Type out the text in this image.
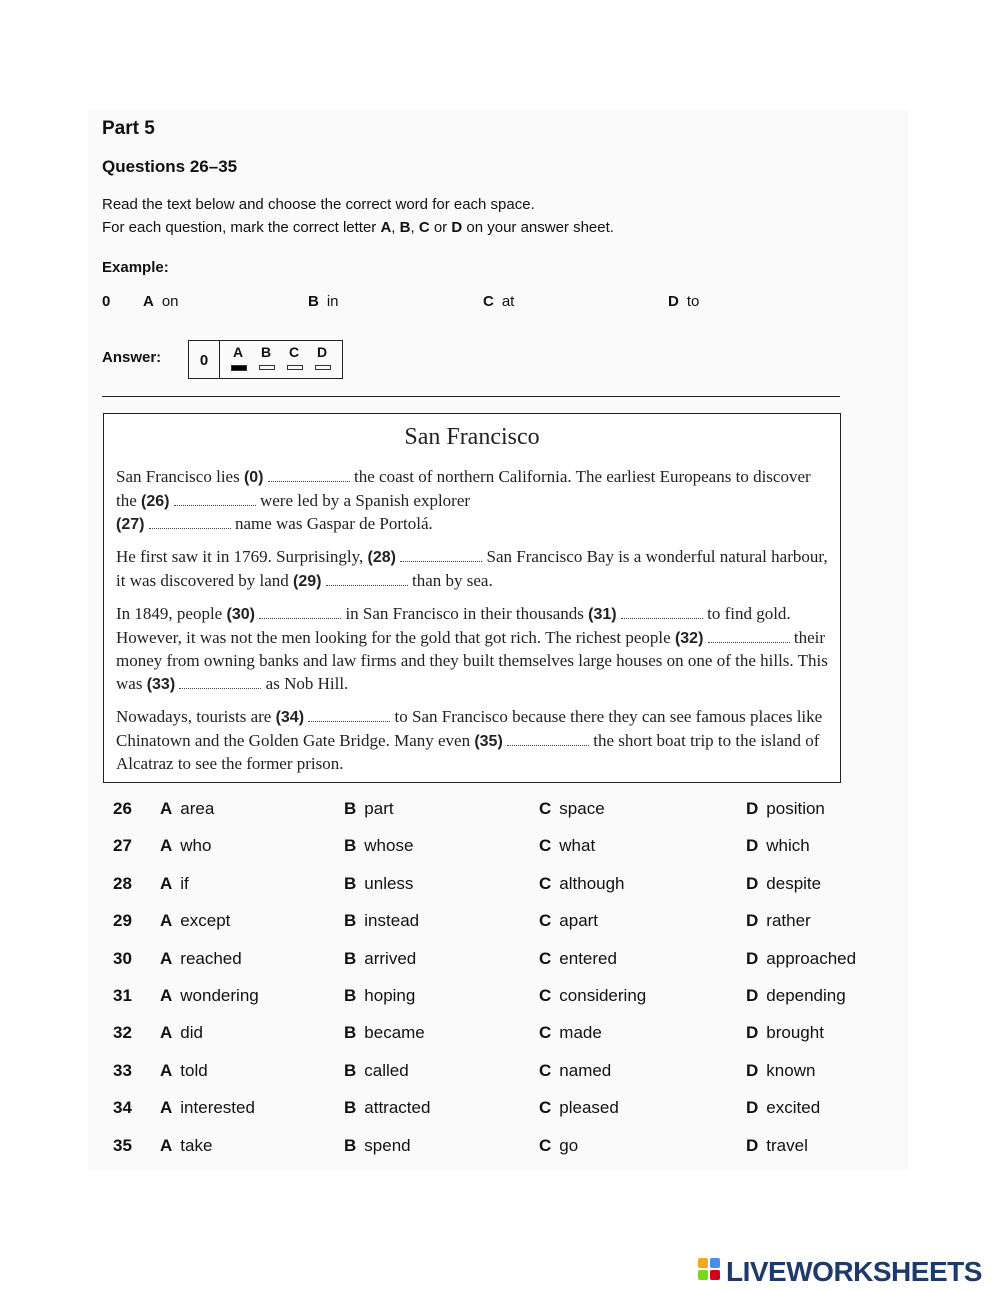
Part 5
Questions 26–35
Read the text below and choose the correct word for each space.
For each question, mark the correct letter A, B, C or D on your answer sheet.
Example:
0 A on	B in	C at	D to
Answer:	0	A B C D
San Francisco
San Francisco lies (0)	the coast of northern California. The earliest Europeans to discover the (26)	were led by a Spanish explorer
(27)	name was Gaspar de Portolá.
He first saw it in 1769. Surprisingly, (28)	San Francisco Bay is a wonderful natural harbour, it was discovered by land (29)	than by sea.
In 1849, people (30)	in San Francisco in their thousands (31)	to find gold. However, it was not the men looking for the gold that got rich. The richest people (32)	their money from owning banks and law firms and they built themselves large houses on one of the hills. This was (33)	as Nob Hill.
Nowadays, tourists are (34)	to San Francisco because there they can see famous places like Chinatown and the Golden Gate Bridge. Many even (35)	the short boat trip to the island of Alcatraz to see the former prison.
26 A area	B part	C space	D position
27 A who	B whose	C what	D which
28 A if	B unless	C although	D despite
29 A except	B instead	C apart	D rather
30 A reached	B arrived	C entered	D approached
31 A wondering	B hoping	C considering	D depending
32 A did	B became	C made	D brought
33 A told	B called	C named	D known
34 A interested	B attracted	C pleased	D excited
35 A take	B spend	C go	D travel
LIVEWORKSHEETS
